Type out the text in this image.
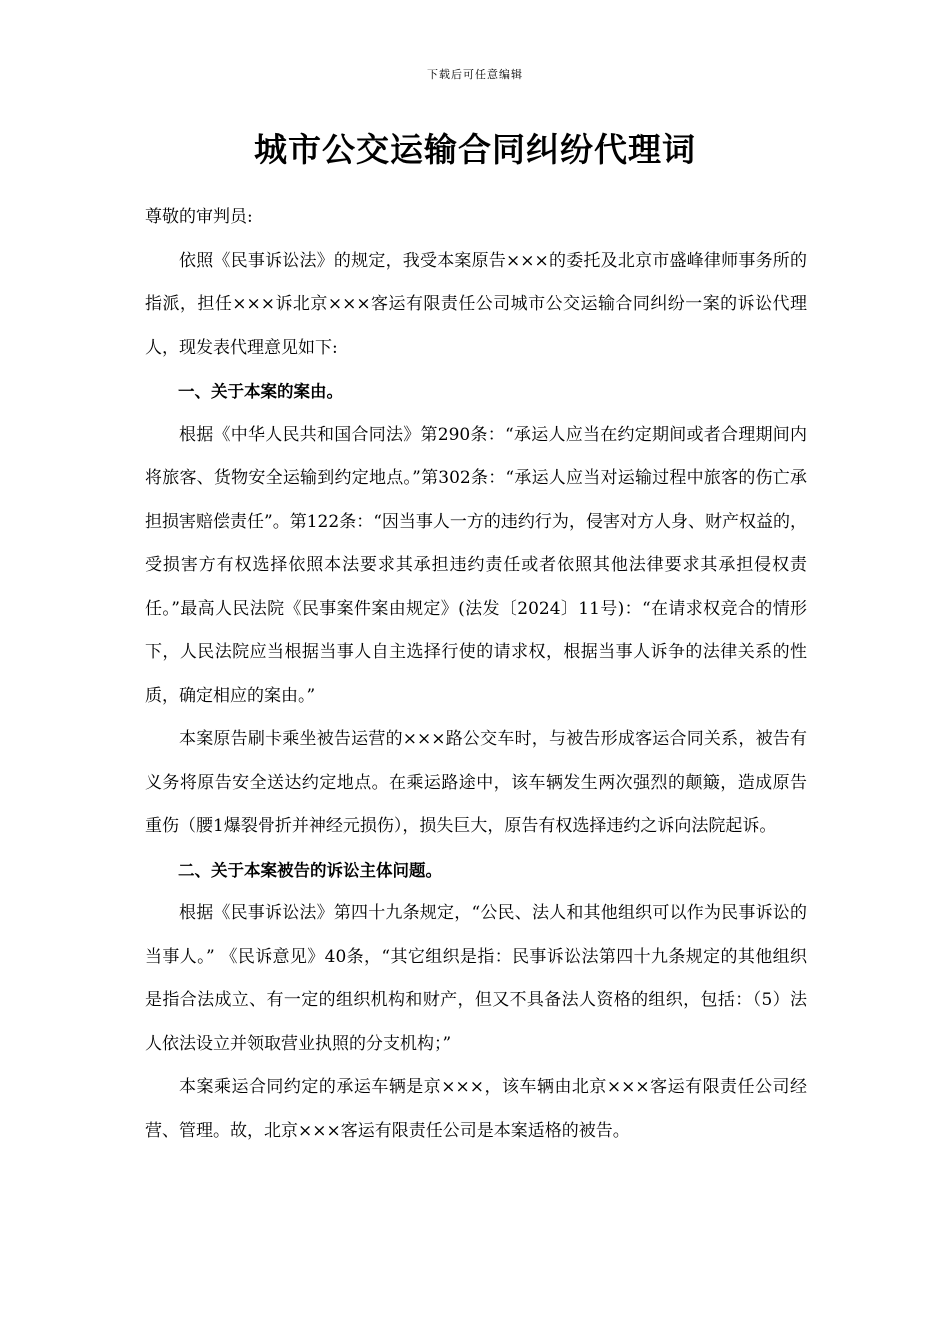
下载后可任意编辑
城市公交运输合同纠纷代理词

尊敬的审判员:

依照《民事诉讼法》的规定，我受本案原告×××的委托及北京市盛峰律师事务所的指派，担任×××诉北京×××客运有限责任公司城市公交运输合同纠纷一案的诉讼代理人，现发表代理意见如下:

一、关于本案的案由。

根据《中华人民共和国合同法》第290条：“承运人应当在约定期间或者合理期间内将旅客、货物安全运输到约定地点。”第302条：“承运人应当对运输过程中旅客的伤亡承担损害赔偿责任”。第122条：“因当事人一方的违约行为，侵害对方人身、财产权益的，受损害方有权选择依照本法要求其承担违约责任或者依照其他法律要求其承担侵权责任。”最高人民法院《民事案件案由规定》(法发〔2024〕11号)：“在请求权竞合的情形下，人民法院应当根据当事人自主选择行使的请求权，根据当事人诉争的法律关系的性质，确定相应的案由。”

本案原告刷卡乘坐被告运营的×××路公交车时，与被告形成客运合同关系，被告有义务将原告安全送达约定地点。在乘运路途中，该车辆发生两次强烈的颠簸，造成原告重伤（腰1爆裂骨折并神经元损伤），损失巨大，原告有权选择违约之诉向法院起诉。

二、关于本案被告的诉讼主体问题。

根据《民事诉讼法》第四十九条规定，“公民、法人和其他组织可以作为民事诉讼的当事人。” 《民诉意见》40条，“其它组织是指：民事诉讼法第四十九条规定的其他组织是指合法成立、有一定的组织机构和财产，但又不具备法人资格的组织，包括：（5）法人依法设立并领取营业执照的分支机构；”

本案乘运合同约定的承运车辆是京×××，该车辆由北京×××客运有限责任公司经营、管理。故，北京×××客运有限责任公司是本案适格的被告。
